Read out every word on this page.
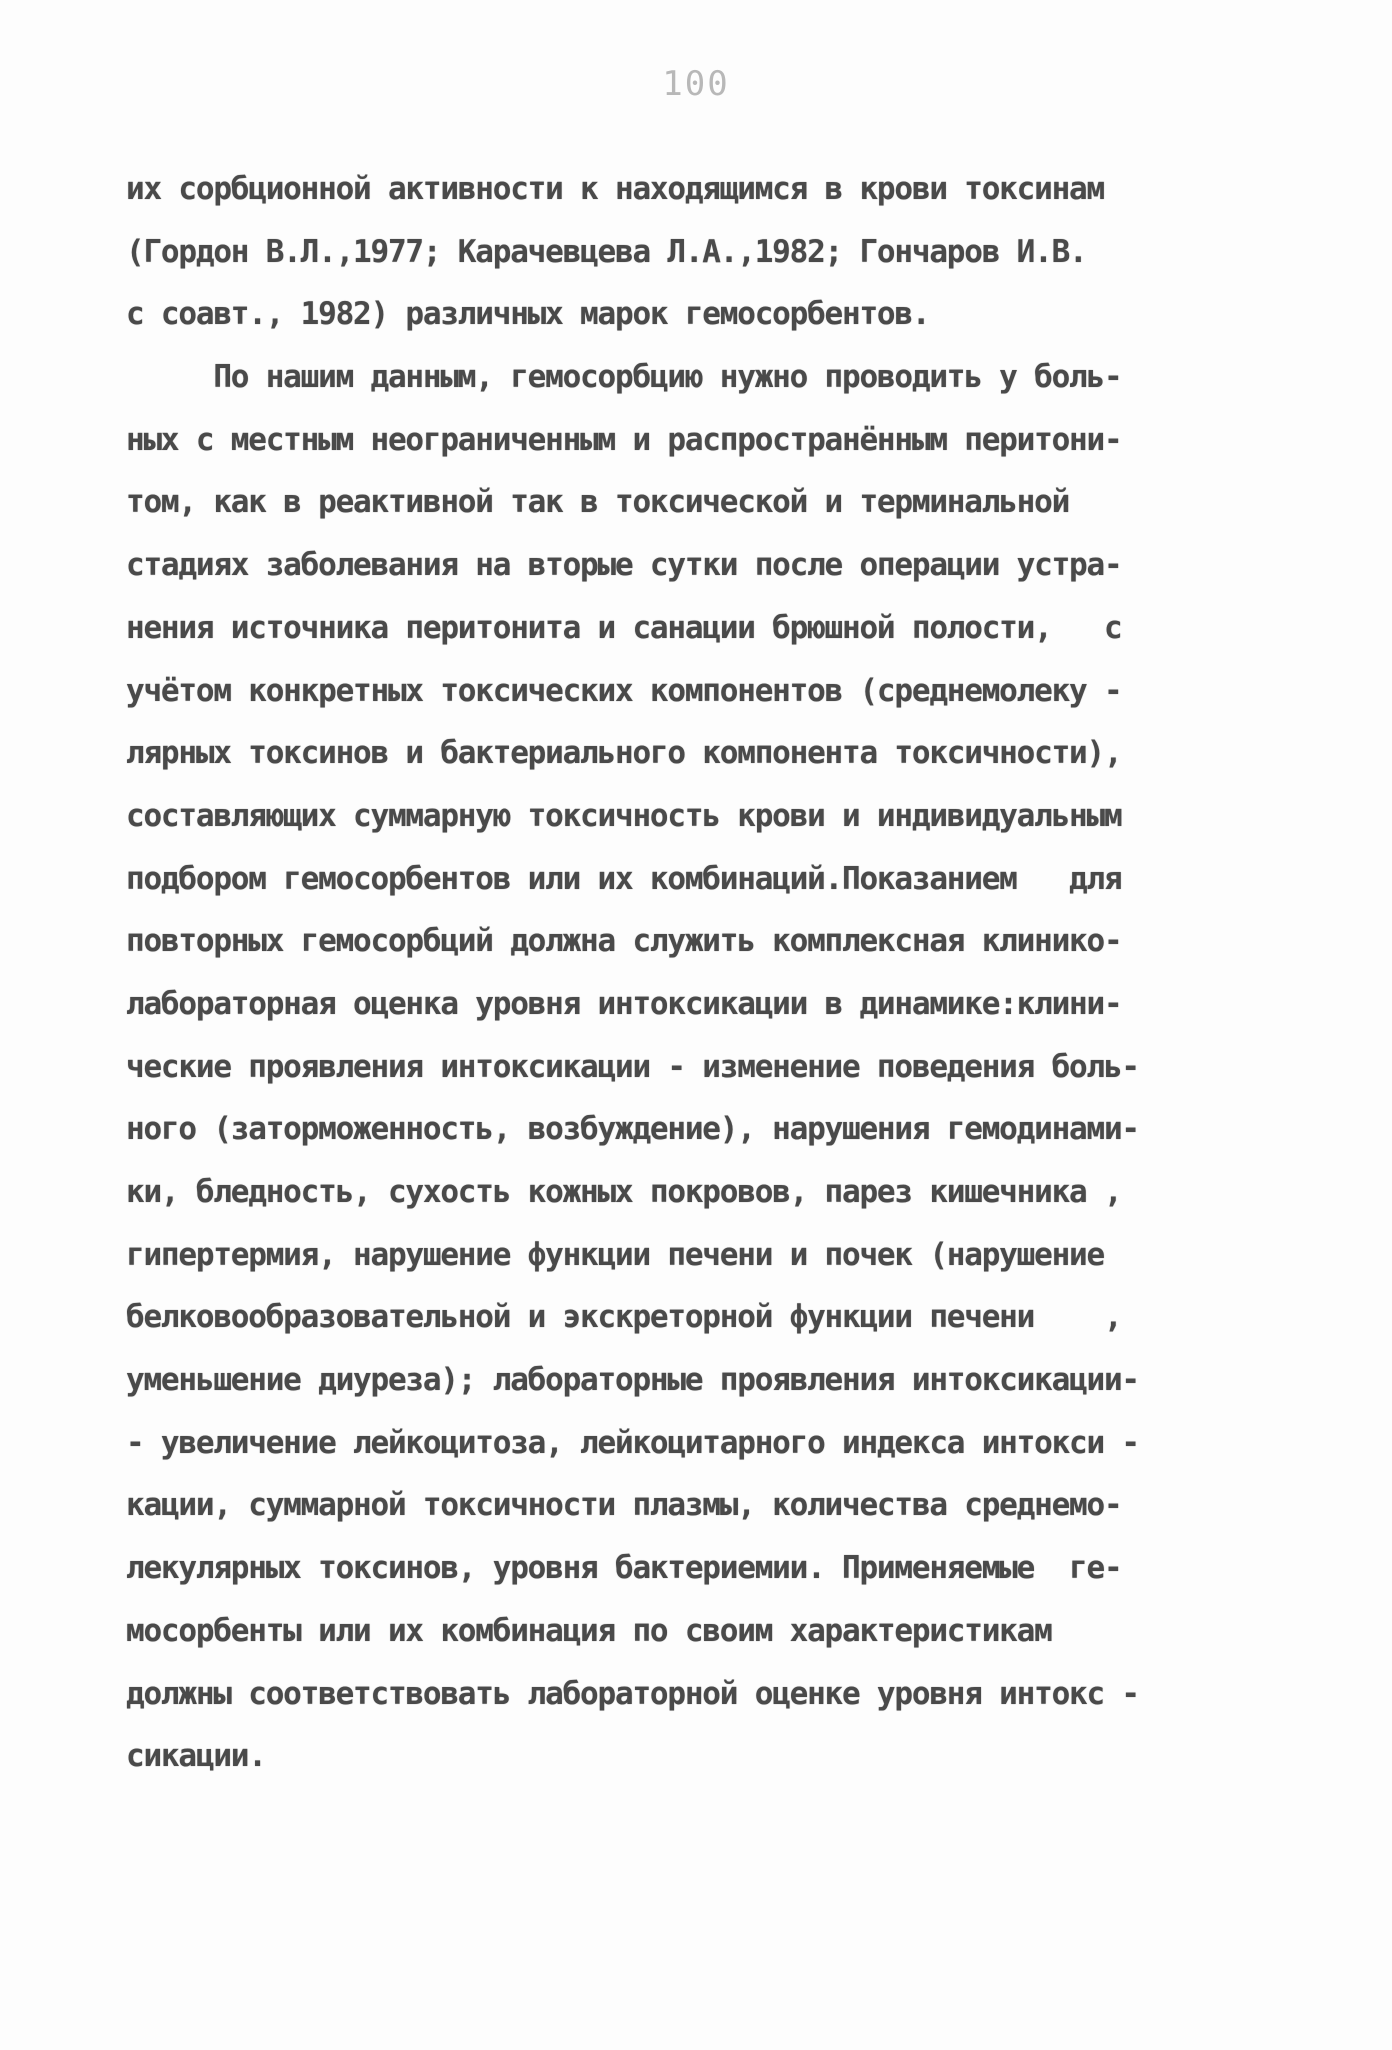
100
их сорбционной активности к находящимся в крови токсинам
(Гордон В.Л.,1977; Карачевцева Л.А.,1982; Гончаров И.В.
с соавт., 1982) различных марок гемосорбентов.
По нашим данным, гемосорбцию нужно проводить у боль-
ных с местным неограниченным и распространённым перитони-
том, как в реактивной так в токсической и терминальной
стадиях заболевания на вторые сутки после операции устра-
нения источника перитонита и санации брюшной полости,   с
учётом конкретных токсических компонентов (среднемолеку -
лярных токсинов и бактериального компонента токсичности),
составляющих суммарную токсичность крови и индивидуальным
подбором гемосорбентов или их комбинаций.Показанием   для
повторных гемосорбций должна служить комплексная клинико-
лабораторная оценка уровня интоксикации в динамике:клини-
ческие проявления интоксикации - изменение поведения боль-
ного (заторможенность, возбуждение), нарушения гемодинами-
ки, бледность, сухость кожных покровов, парез кишечника ,
гипертермия, нарушение функции печени и почек (нарушение
белковообразовательной и экскреторной функции печени    ,
уменьшение диуреза); лабораторные проявления интоксикации-
- увеличение лейкоцитоза, лейкоцитарного индекса интокси -
кации, суммарной токсичности плазмы, количества среднемо-
лекулярных токсинов, уровня бактериемии. Применяемые  ге-
мосорбенты или их комбинация по своим характеристикам
должны соответствовать лабораторной оценке уровня интокс -
сикации.
